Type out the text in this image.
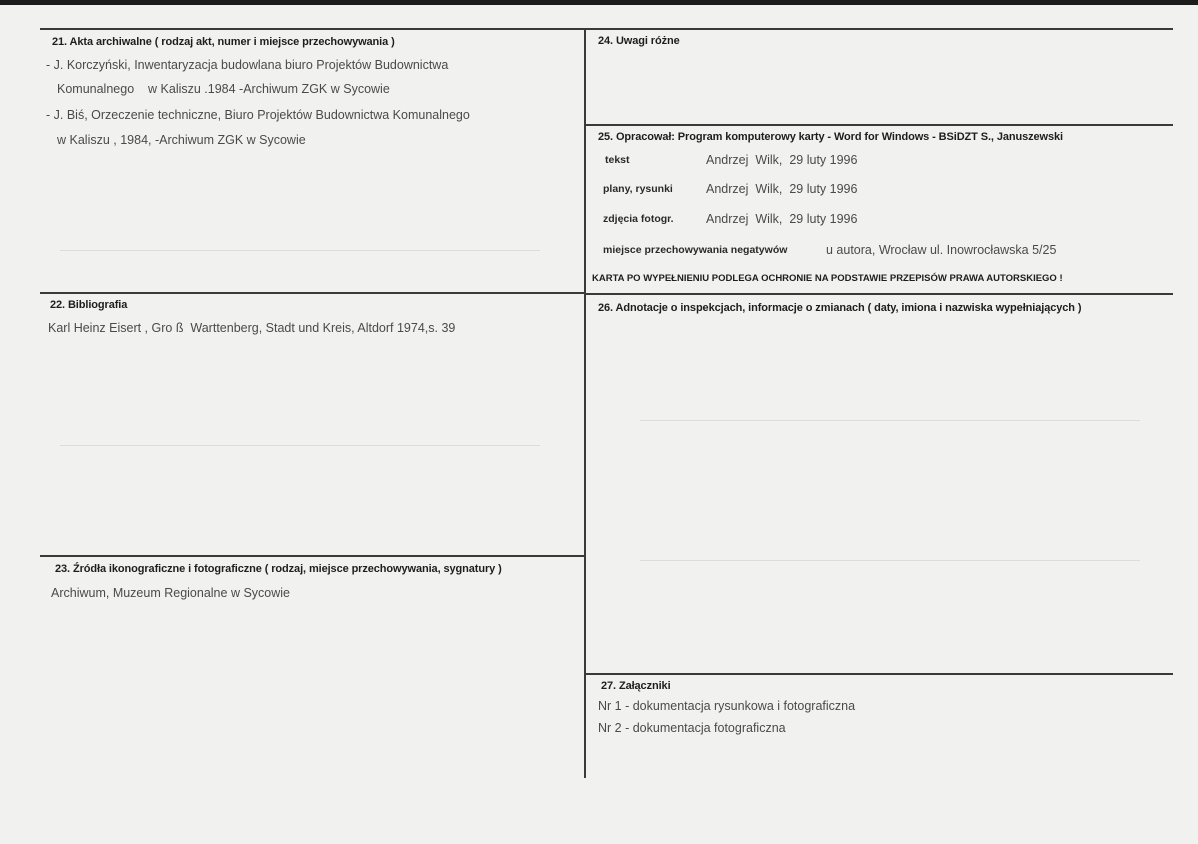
21. Akta archiwalne ( rodzaj akt, numer i miejsce przechowywania )
- J. Korczyński, Inwentaryzacja budowlana biuro Projektów Budownictwa
Komunalnego    w Kaliszu .1984 -Archiwum ZGK w Sycowie
- J. Biś, Orzeczenie techniczne, Biuro Projektów Budownictwa Komunalnego
w Kaliszu , 1984, -Archiwum ZGK w Sycowie
22. Bibliografia
Karl Heinz Eisert , Gro ß  Warttenberg, Stadt und Kreis, Altdorf 1974,s. 39
23. Źródła ikonograficzne i fotograficzne ( rodzaj, miejsce przechowywania, sygnatury )
Archiwum, Muzeum Regionalne w Sycowie
24. Uwagi różne
25. Opracował: Program komputerowy karty - Word for Windows - BSiDZT S., Januszewski
tekst	Andrzej  Wilk,  29 luty 1996
plany, rysunki	Andrzej  Wilk,  29 luty 1996
zdjęcia fotogr.	Andrzej  Wilk,  29 luty 1996
miejsce przechowywania negatywów	u autora, Wrocław ul. Inowrocławska 5/25
KARTA PO WYPEŁNIENIU PODLEGA OCHRONIE NA PODSTAWIE PRZEPISÓW PRAWA AUTORSKIEGO !
26. Adnotacje o inspekcjach, informacje o zmianach ( daty, imiona i nazwiska wypełniających )
27. Załączniki
Nr 1 - dokumentacja rysunkowa i fotograficzna
Nr 2 - dokumentacja fotograficzna
